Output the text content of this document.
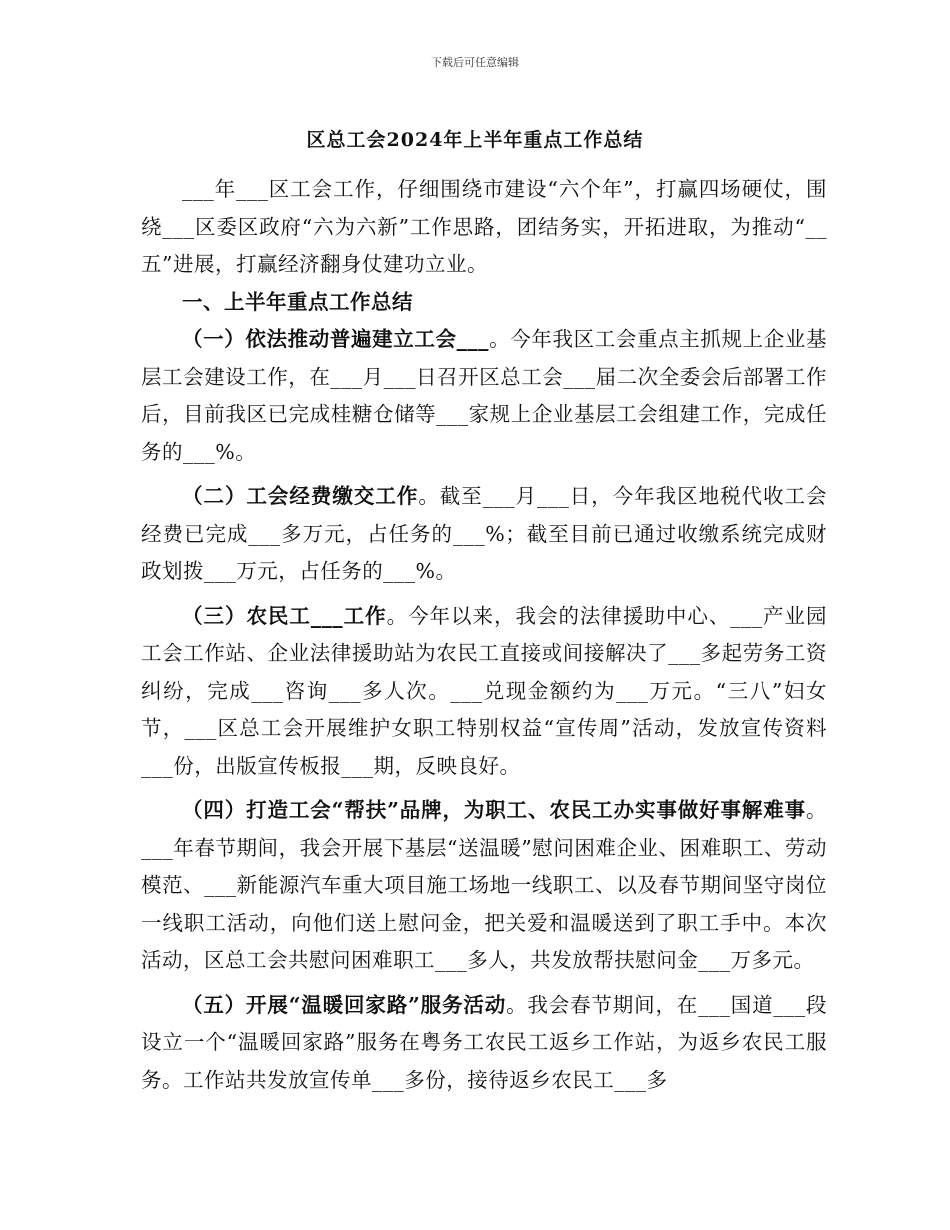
下载后可任意编辑
区总工会2024年上半年重点工作总结

___年___区工会工作，仔细围绕市建设“六个年”，打赢四场硬仗，围绕___区委区政府“六为六新”工作思路，团结务实，开拓进取，为推动“__五”进展，打赢经济翻身仗建功立业。

一、上半年重点工作总结

（一）依法推动普遍建立工会___。今年我区工会重点主抓规上企业基层工会建设工作，在___月___日召开区总工会___届二次全委会后部署工作后，目前我区已完成桂糖仓储等___家规上企业基层工会组建工作，完成任务的___%。

（二）工会经费缴交工作。截至___月___日，今年我区地税代收工会经费已完成___多万元，占任务的___%；截至目前已通过收缴系统完成财政划拨___万元，占任务的___%。

（三）农民工___工作。今年以来，我会的法律援助中心、___产业园工会工作站、企业法律援助站为农民工直接或间接解决了___多起劳务工资纠纷，完成___咨询___多人次。___兑现金额约为___万元。“三八”妇女节，___区总工会开展维护女职工特别权益“宣传周”活动，发放宣传资料___份，出版宣传板报___期，反映良好。

（四）打造工会“帮扶”品牌，为职工、农民工办实事做好事解难事。___年春节期间，我会开展下基层“送温暖”慰问困难企业、困难职工、劳动模范、___新能源汽车重大项目施工场地一线职工、以及春节期间坚守岗位一线职工活动，向他们送上慰问金，把关爱和温暖送到了职工手中。本次活动，区总工会共慰问困难职工___多人，共发放帮扶慰问金___万多元。

（五）开展“温暖回家路”服务活动。我会春节期间，在___国道___段设立一个“温暖回家路”服务在粤务工农民工返乡工作站，为返乡农民工服务。工作站共发放宣传单___多份，接待返乡农民工___多
